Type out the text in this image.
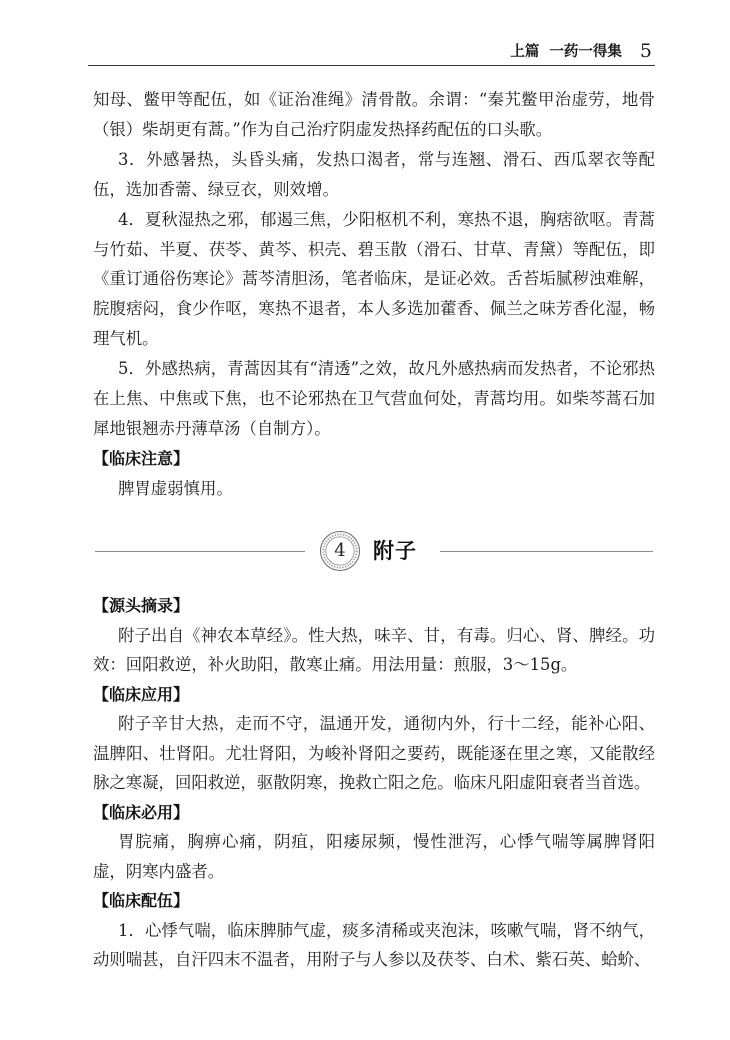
上篇 一药一得集 5

知母、鳖甲等配伍，如《证治准绳》清骨散。余谓：“秦艽鳖甲治虚劳，地骨（银）柴胡更有蒿。”作为自己治疗阴虚发热择药配伍的口头歌。

3．外感暑热，头昏头痛，发热口渴者，常与连翘、滑石、西瓜翠衣等配伍，选加香薷、绿豆衣，则效增。

4．夏秋湿热之邪，郁遏三焦，少阳枢机不利，寒热不退，胸痞欲呕。青蒿与竹茹、半夏、茯苓、黄芩、枳壳、碧玉散（滑石、甘草、青黛）等配伍，即《重订通俗伤寒论》蒿芩清胆汤，笔者临床，是证必效。舌苔垢腻秽浊难解，脘腹痞闷，食少作呕，寒热不退者，本人多选加藿香、佩兰之味芳香化湿，畅理气机。

5．外感热病，青蒿因其有“清透”之效，故凡外感热病而发热者，不论邪热在上焦、中焦或下焦，也不论邪热在卫气营血何处，青蒿均用。如柴芩蒿石加犀地银翘赤丹薄草汤（自制方）。

【临床注意】

脾胃虚弱慎用。

4	附子

【源头摘录】

附子出自《神农本草经》。性大热，味辛、甘，有毒。归心、肾、脾经。功效：回阳救逆，补火助阳，散寒止痛。用法用量：煎服，3～15g。

【临床应用】

附子辛甘大热，走而不守，温通开发，通彻内外，行十二经，能补心阳、温脾阳、壮肾阳。尤壮肾阳，为峻补肾阳之要药，既能逐在里之寒，又能散经脉之寒凝，回阳救逆，驱散阴寒，挽救亡阳之危。临床凡阳虚阳衰者当首选。

【临床必用】

胃脘痛，胸痹心痛，阴疽，阳痿尿频，慢性泄泻，心悸气喘等属脾肾阳虚，阴寒内盛者。

【临床配伍】

1．心悸气喘，临床脾肺气虚，痰多清稀或夹泡沫，咳嗽气喘，肾不纳气，动则喘甚，自汗四末不温者，用附子与人参以及茯苓、白术、紫石英、蛤蚧、
